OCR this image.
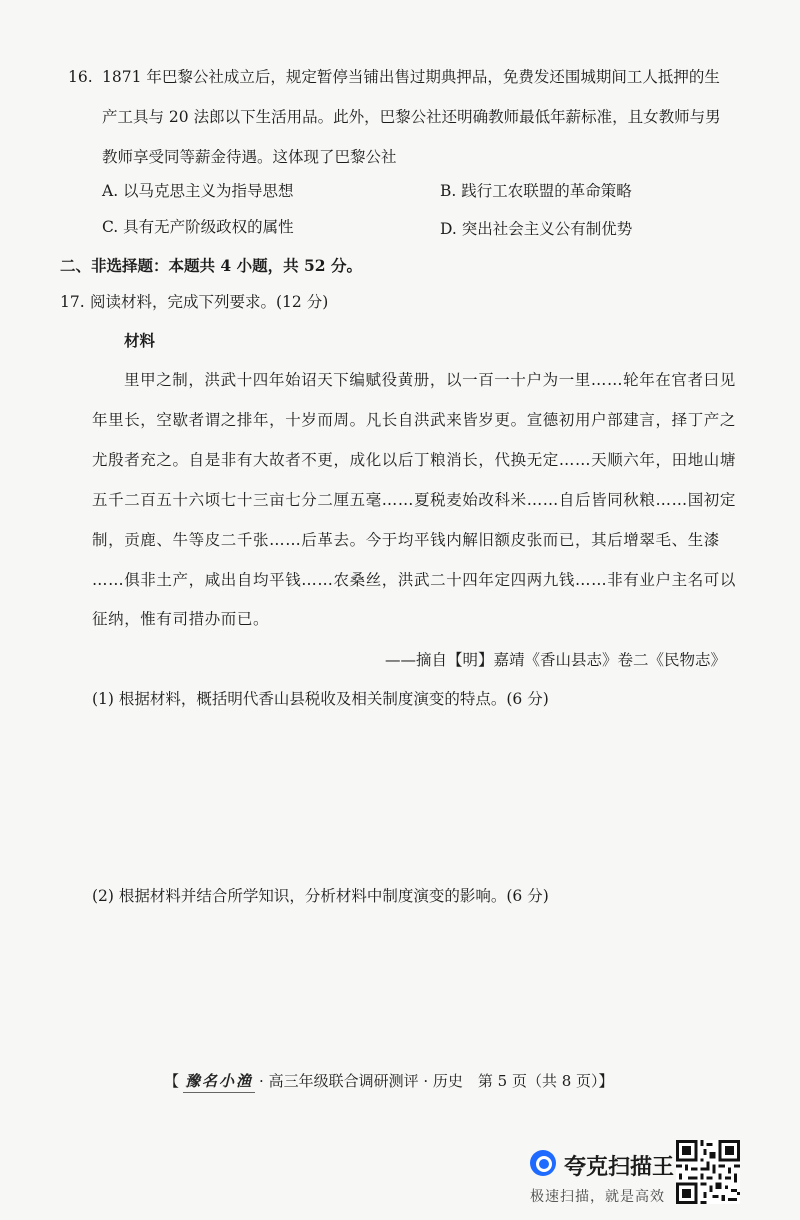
16. 1871 年巴黎公社成立后，规定暂停当铺出售过期典押品，免费发还围城期间工人抵押的生
产工具与 20 法郎以下生活用品。此外，巴黎公社还明确教师最低年薪标准，且女教师与男
教师享受同等薪金待遇。这体现了巴黎公社
A. 以马克思主义为指导思想	B. 践行工农联盟的革命策略
C. 具有无产阶级政权的属性	D. 突出社会主义公有制优势
二、非选择题：本题共 4 小题，共 52 分。
17. 阅读材料，完成下列要求。(12 分)
材料
里甲之制，洪武十四年始诏天下编赋役黄册，以一百一十户为一里……轮年在官者曰见
年里长，空歇者谓之排年，十岁而周。凡长自洪武来皆岁更。宣德初用户部建言，择丁产之
尤殷者充之。自是非有大故者不更，成化以后丁粮消长，代换无定……天顺六年，田地山塘
五千二百五十六顷七十三亩七分二厘五毫……夏税麦始改科米……自后皆同秋粮……国初定
制，贡鹿、牛等皮二千张……后革去。今于均平钱内解旧额皮张而已，其后增翠毛、生漆
……俱非土产，咸出自均平钱……农桑丝，洪武二十四年定四两九钱……非有业户主名可以
征纳，惟有司措办而已。
——摘自【明】嘉靖《香山县志》卷二《民物志》
(1) 根据材料，概括明代香山县税收及相关制度演变的特点。(6 分)
(2) 根据材料并结合所学知识，分析材料中制度演变的影响。(6 分)
【 豫名小渔 · 高三年级联合调研测评 · 历史　第 5 页（共 8 页）】
夸克扫描王
极速扫描，就是高效
